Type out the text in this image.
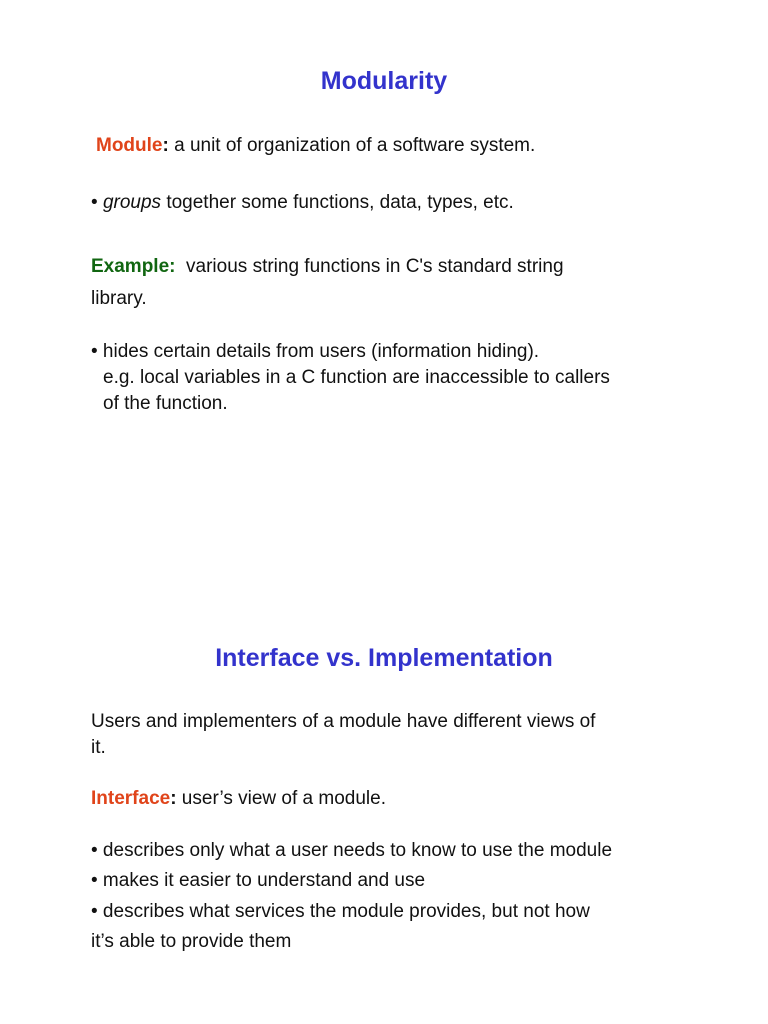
Modularity
Module: a unit of organization of a software system.
• groups together some functions, data, types, etc.
Example:  various string functions in C's standard string
library.
• hides certain details from users (information hiding).
e.g. local variables in a C function are inaccessible to callers
of the function.
Interface vs. Implementation
Users and implementers of a module have different views of
it.
Interface: user’s view of a module.
• describes only what a user needs to know to use the module
• makes it easier to understand and use
• describes what services the module provides, but not how
it’s able to provide them
